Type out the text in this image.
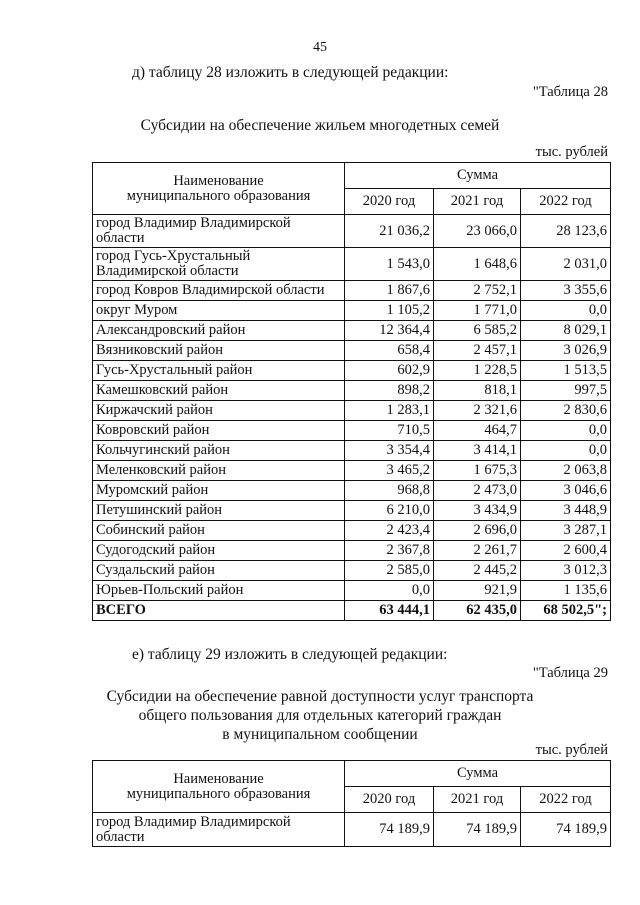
45
д) таблицу 28 изложить в следующей редакции:
"Таблица 28
Субсидии на обеспечение жильем многодетных семей
тыс. рублей
Наименование
муниципального образования	Сумма		
	2020 год	2021 год	2022 год
город Владимир Владимирской области	21 036,2	23 066,0	28 123,6
город Гусь-Хрустальный Владимирской области	1 543,0	1 648,6	2 031,0
город Ковров Владимирской области	1 867,6	2 752,1	3 355,6
округ Муром	1 105,2	1 771,0	0,0
Александровский район	12 364,4	6 585,2	8 029,1
Вязниковский район	658,4	2 457,1	3 026,9
Гусь-Хрустальный район	602,9	1 228,5	1 513,5
Камешковский район	898,2	818,1	997,5
Киржачский район	1 283,1	2 321,6	2 830,6
Ковровский район	710,5	464,7	0,0
Кольчугинский район	3 354,4	3 414,1	0,0
Меленковский район	3 465,2	1 675,3	2 063,8
Муромский район	968,8	2 473,0	3 046,6
Петушинский район	6 210,0	3 434,9	3 448,9
Собинский район	2 423,4	2 696,0	3 287,1
Судогодский район	2 367,8	2 261,7	2 600,4
Суздальский район	2 585,0	2 445,2	3 012,3
Юрьев-Польский район	0,0	921,9	1 135,6
ВСЕГО	63 444,1	62 435,0	68 502,5";
е) таблицу 29 изложить в следующей редакции:
"Таблица 29
Субсидии на обеспечение равной доступности услуг транспорта
общего пользования для отдельных категорий граждан
в муниципальном сообщении
тыс. рублей
Наименование
муниципального образования	Сумма		
	2020 год	2021 год	2022 год
город Владимир Владимирской области	74 189,9	74 189,9	74 189,9
